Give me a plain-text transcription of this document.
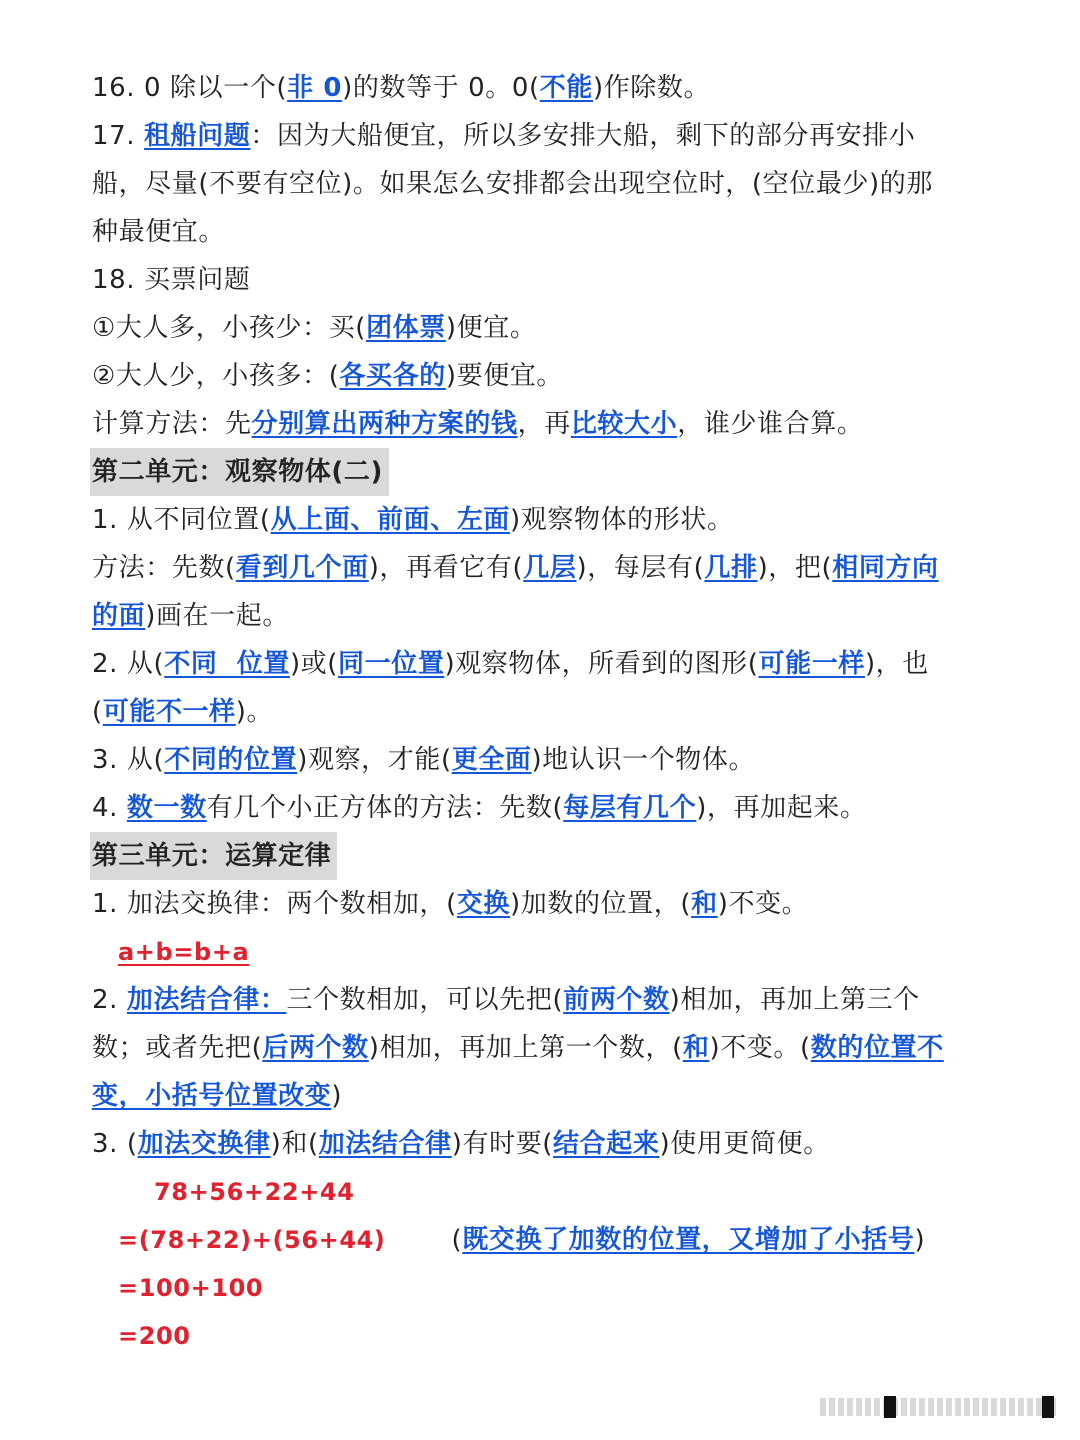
16. 0 除以一个(非 0)的数等于 0。0(不能)作除数。
17. 租船问题：因为大船便宜，所以多安排大船，剩下的部分再安排小
船，尽量(不要有空位)。如果怎么安排都会出现空位时，(空位最少)的那
种最便宜。
18. 买票问题
①大人多，小孩少：买(团体票)便宜。
②大人少，小孩多：(各买各的)要便宜。
计算方法：先分别算出两种方案的钱，再比较大小，谁少谁合算。
第二单元：观察物体(二)
1. 从不同位置(从上面、前面、左面)观察物体的形状。
方法：先数(看到几个面)，再看它有(几层)，每层有(几排)，把(相同方向
的面)画在一起。
2. 从(不同  位置)或(同一位置)观察物体，所看到的图形(可能一样)，也
(可能不一样)。
3. 从(不同的位置)观察，才能(更全面)地认识一个物体。
4. 数一数有几个小正方体的方法：先数(每层有几个)，再加起来。
第三单元：运算定律
1. 加法交换律：两个数相加，(交换)加数的位置，(和)不变。
a+b=b+a
2. 加法结合律：三个数相加，可以先把(前两个数)相加，再加上第三个
数；或者先把(后两个数)相加，再加上第一个数，(和)不变。(数的位置不
变，小括号位置改变)
3. (加法交换律)和(加法结合律)有时要(结合起来)使用更简便。
78+56+22+44
=(78+22)+(56+44)	(既交换了加数的位置，又增加了小括号)
=100+100
=200
